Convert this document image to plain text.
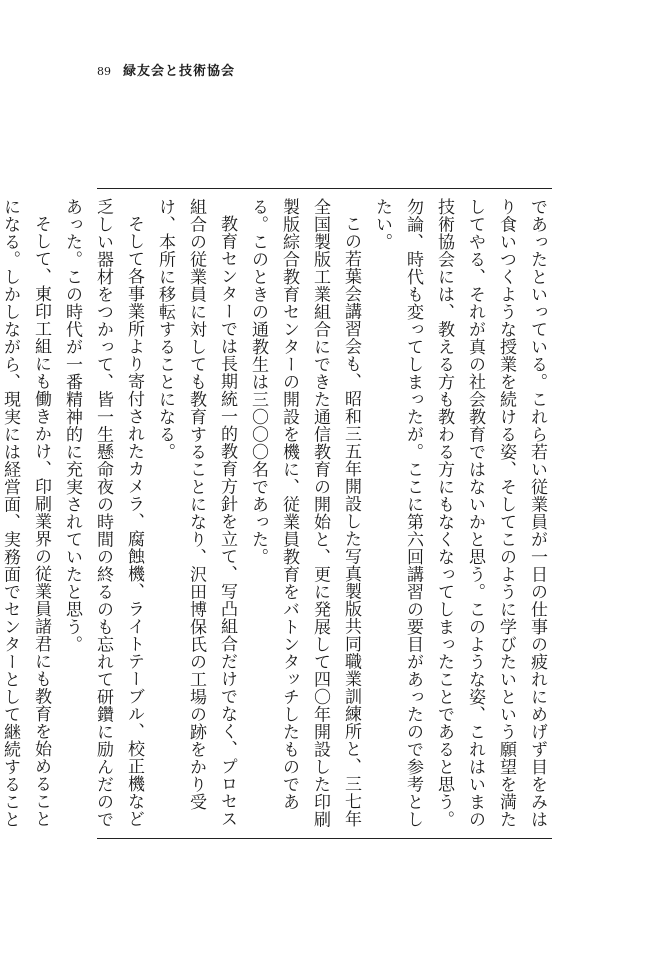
89 緑友会と技術協会

であったといっている。これら若い従業員が一日の仕事の疲れにめげず目をみはり食いつくような授業を続ける姿、そしてこのように学びたいという願望を満たしてやる、それが真の社会教育ではないかと思う。このような姿、これはいまの技術協会には、教える方も教わる方にもなくなってしまったことであると思う。勿論、時代も変ってしまったが。ここに第六回講習の要目があったので参考としたい。

この若葉会講習会も、昭和三五年開設した写真製版共同職業訓練所と、三七年全国製版工業組合にできた通信教育の開始と、更に発展して四〇年開設した印刷製版綜合教育センターの開設を機に、従業員教育をバトンタッチしたものである。このときの通教生は三〇〇〇名であった。

教育センターでは長期統一的教育方針を立て、写凸組合だけでなく、プロセス組合の従業員に対しても教育することになり、沢田博保氏の工場の跡をかり受け、本所に移転することになる。

そして各事業所より寄付されたカメラ、腐蝕機、ライトテーブル、校正機など乏しい器材をつかって、皆一生懸命夜の時間の終るのも忘れて研鑽に励んだのであった。この時代が一番精神的に充実されていたと思う。

そして、東印工組にも働きかけ、印刷業界の従業員諸君にも教育を始めることになる。しかしながら、現実には経営面、実務面でセンターとして継続すること
